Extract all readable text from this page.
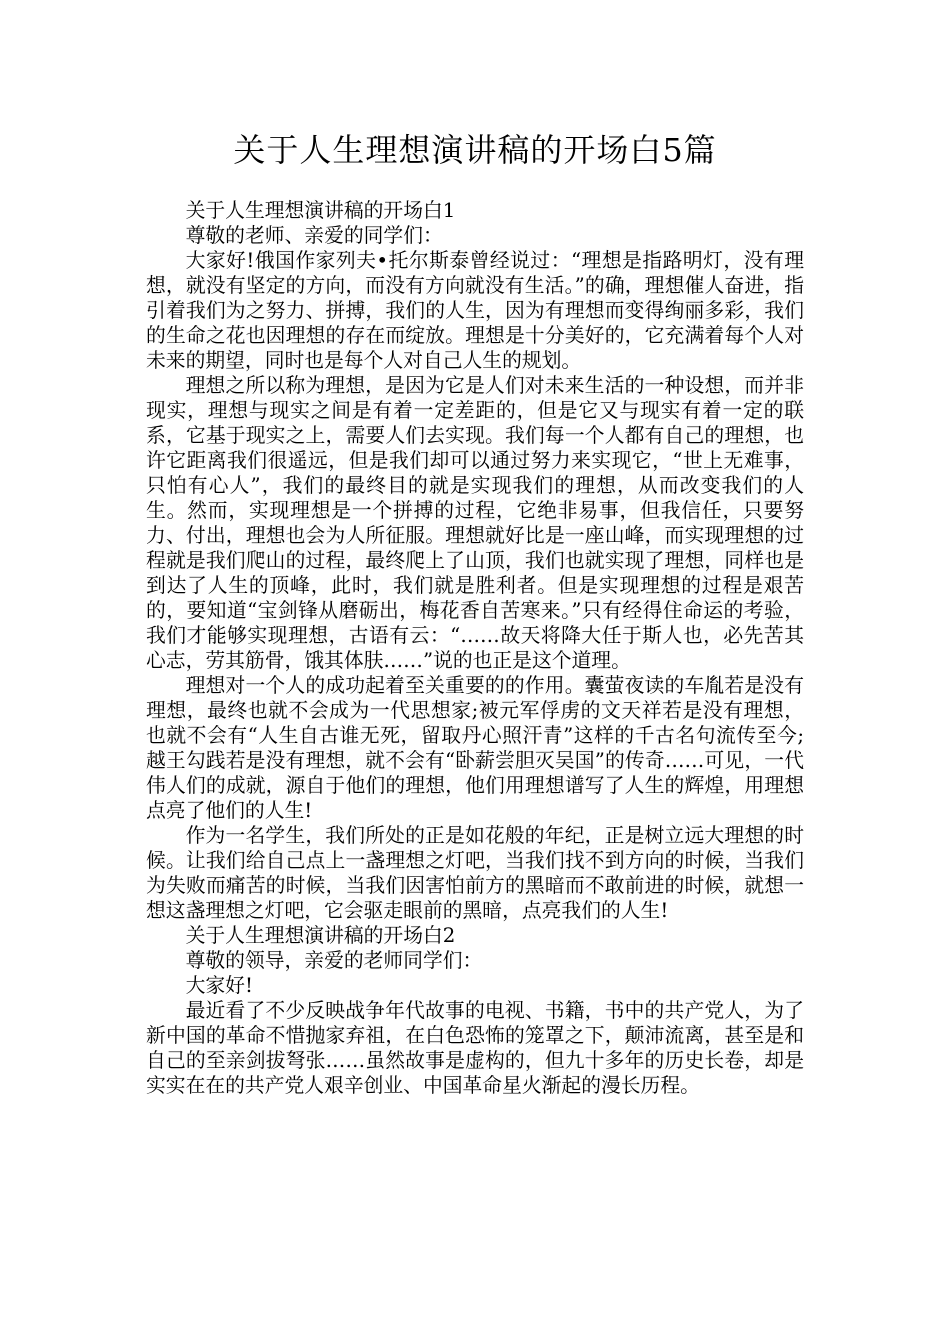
关于人生理想演讲稿的开场白5篇

关于人生理想演讲稿的开场白1

尊敬的老师、亲爱的同学们：

大家好!俄国作家列夫•托尔斯泰曾经说过：“理想是指路明灯，没有理想，就没有坚定的方向，而没有方向就没有生活。”的确，理想催人奋进，指引着我们为之努力、拼搏，我们的人生，因为有理想而变得绚丽多彩，我们的生命之花也因理想的存在而绽放。理想是十分美好的，它充满着每个人对未来的期望，同时也是每个人对自己人生的规划。

理想之所以称为理想，是因为它是人们对未来生活的一种设想，而并非现实，理想与现实之间是有着一定差距的，但是它又与现实有着一定的联系，它基于现实之上，需要人们去实现。我们每一个人都有自己的理想，也许它距离我们很遥远，但是我们却可以通过努力来实现它，“世上无难事，只怕有心人”，我们的最终目的就是实现我们的理想，从而改变我们的人生。然而，实现理想是一个拼搏的过程，它绝非易事，但我信任，只要努力、付出，理想也会为人所征服。理想就好比是一座山峰，而实现理想的过程就是我们爬山的过程，最终爬上了山顶，我们也就实现了理想，同样也是到达了人生的顶峰，此时，我们就是胜利者。但是实现理想的过程是艰苦的，要知道“宝剑锋从磨砺出，梅花香自苦寒来。”只有经得住命运的考验，我们才能够实现理想，古语有云：“……故天将降大任于斯人也，必先苦其心志，劳其筋骨，饿其体肤……”说的也正是这个道理。

理想对一个人的成功起着至关重要的的作用。囊萤夜读的车胤若是没有理想，最终也就不会成为一代思想家;被元军俘虏的文天祥若是没有理想，也就不会有“人生自古谁无死，留取丹心照汗青”这样的千古名句流传至今;越王勾践若是没有理想，就不会有“卧薪尝胆灭吴国”的传奇……可见，一代伟人们的成就，源自于他们的理想，他们用理想谱写了人生的辉煌，用理想点亮了他们的人生!

作为一名学生，我们所处的正是如花般的年纪，正是树立远大理想的时候。让我们给自己点上一盏理想之灯吧，当我们找不到方向的时候，当我们为失败而痛苦的时候，当我们因害怕前方的黑暗而不敢前进的时候，就想一想这盏理想之灯吧，它会驱走眼前的黑暗，点亮我们的人生!

关于人生理想演讲稿的开场白2

尊敬的领导，亲爱的老师同学们：

大家好!

最近看了不少反映战争年代故事的电视、书籍，书中的共产党人，为了新中国的革命不惜抛家弃祖，在白色恐怖的笼罩之下，颠沛流离，甚至是和自己的至亲剑拔弩张……虽然故事是虚构的，但九十多年的历史长卷，却是实实在在的共产党人艰辛创业、中国革命星火渐起的漫长历程。
